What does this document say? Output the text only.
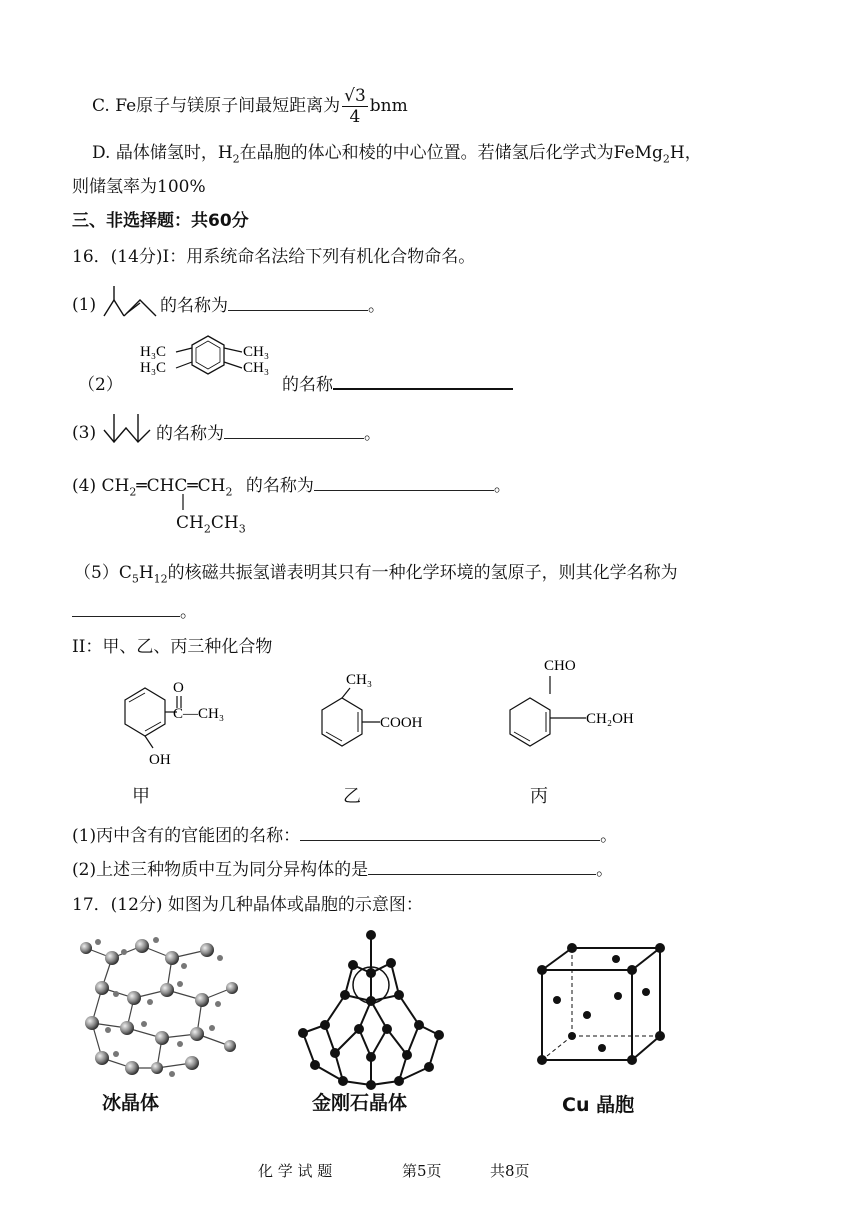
C. Fe原子与镁原子间最短距离为 $\frac{√3}{4}$ bnm
D. 晶体储氢时，$H_2$在晶胞的体心和棱的中心位置。若储氢后化学式为FeMg$_2$H，
则储氢率为100%
三、非选择题：共60分
16．(14分)I：用系统命名法给下列有机化合物命名。
(1)	的名称为	。
（2）
H₃C
H₃C
CH₃
CH₃
的名称
(3)	的名称为	。
(4) $CH_2═CHC═CH_2$ 的名称为	。
$CH_2CH_3$
$(5)C_5H_{12}$的核磁共振氢谱表明其只有一种化学环境的氢原子，则其化学名称为
。
II：甲、乙、丙三种化合物
O
C—CH₃
OH
CH₃
COOH
CHO
CH₂OH
甲	乙	丙
(1)丙中含有的官能团的名称：	。
(2)上述三种物质中互为同分异构体的是	。
17．(12分) 如图为几种晶体或晶胞的示意图：
冰晶体	金刚石晶体	Cu 晶胞
化 学 试 题	第5页	共8页
